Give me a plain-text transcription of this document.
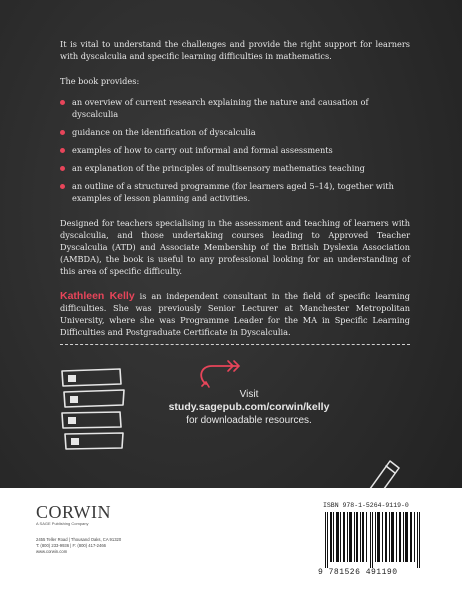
It is vital to understand the challenges and provide the right support for learners with dyscalculia and specific learning difficulties in mathematics.

The book provides:

an overview of current research explaining the nature and causation of dyscalculia
guidance on the identification of dyscalculia
examples of how to carry out informal and formal assessments
an explanation of the principles of multisensory mathematics teaching
an outline of a structured programme (for learners aged 5–14), together with examples of lesson planning and activities.

Designed for teachers specialising in the assessment and teaching of learners with dyscalculia, and those undertaking courses leading to Approved Teacher Dyscalculia (ATD) and Associate Membership of the British Dyslexia Association (AMBDA), the book is useful to any professional looking for an understanding of this area of specific difficulty.

Kathleen Kelly is an independent consultant in the field of specific learning difficulties. She was previously Senior Lecturer at Manchester Metropolitan University, where she was Programme Leader for the MA in Specific Learning Difficulties and Postgraduate Certificate in Dyscalculia.

Visit
study.sagepub.com/corwin/kelly
for downloadable resources.
CORWIN
A SAGE Publishing Company
2455 Teller Road | Thousand Oaks, CA 91320
T: (800) 233-9936 | F: (800) 417-2466
www.corwin.com
ISBN 978-1-5264-9119-0
9 781526 491190
